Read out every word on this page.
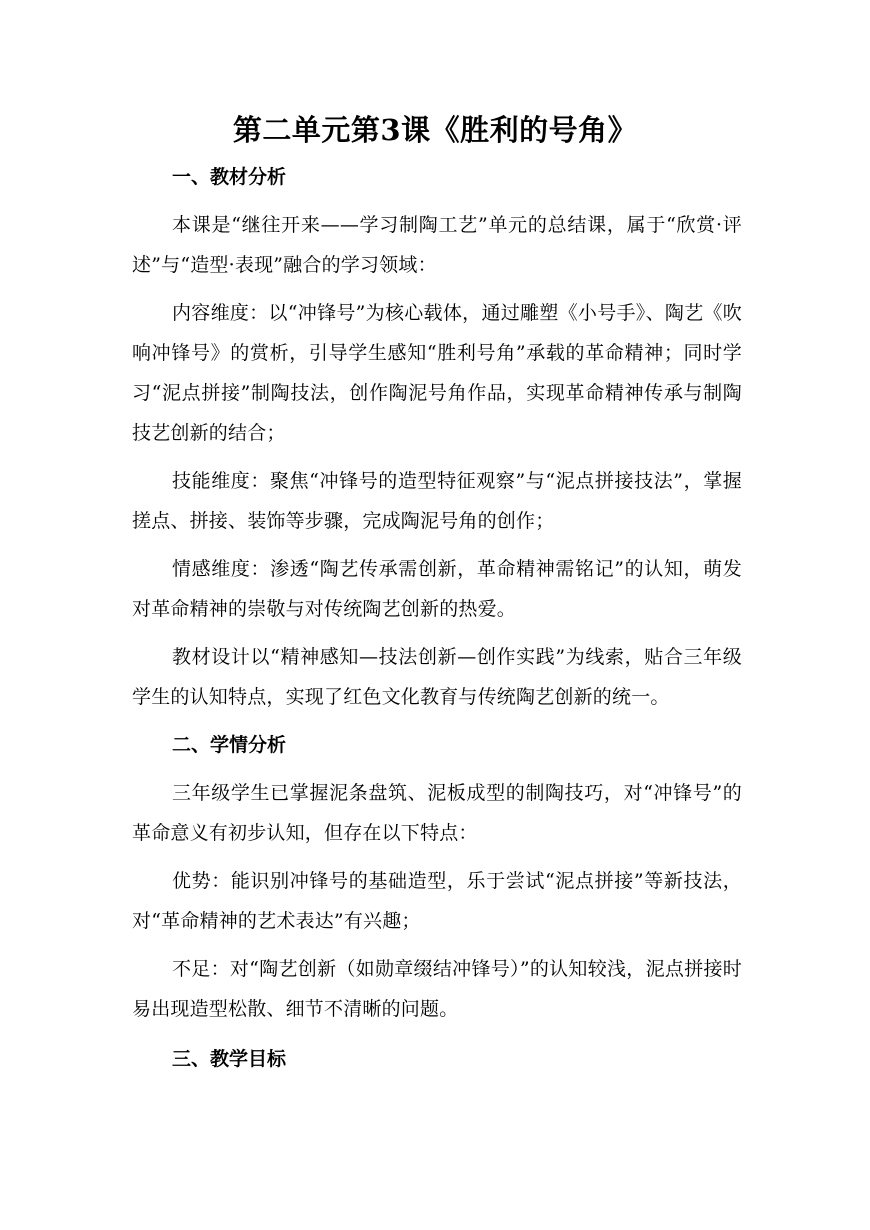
第二单元第3课《胜利的号角》
一、教材分析

本课是“继往开来——学习制陶工艺”单元的总结课，属于“欣赏·评述”与“造型·表现”融合的学习领域：

内容维度：以“冲锋号”为核心载体，通过雕塑《小号手》、陶艺《吹响冲锋号》的赏析，引导学生感知“胜利号角”承载的革命精神；同时学习“泥点拼接”制陶技法，创作陶泥号角作品，实现革命精神传承与制陶技艺创新的结合；

技能维度：聚焦“冲锋号的造型特征观察”与“泥点拼接技法”，掌握搓点、拼接、装饰等步骤，完成陶泥号角的创作；

情感维度：渗透“陶艺传承需创新，革命精神需铭记”的认知，萌发对革命精神的崇敬与对传统陶艺创新的热爱。

教材设计以“精神感知—技法创新—创作实践”为线索，贴合三年级学生的认知特点，实现了红色文化教育与传统陶艺创新的统一。

二、学情分析

三年级学生已掌握泥条盘筑、泥板成型的制陶技巧，对“冲锋号”的革命意义有初步认知，但存在以下特点：

优势：能识别冲锋号的基础造型，乐于尝试“泥点拼接”等新技法，对“革命精神的艺术表达”有兴趣；

不足：对“陶艺创新（如勋章缀结冲锋号）”的认知较浅，泥点拼接时易出现造型松散、细节不清晰的问题。

三、教学目标
